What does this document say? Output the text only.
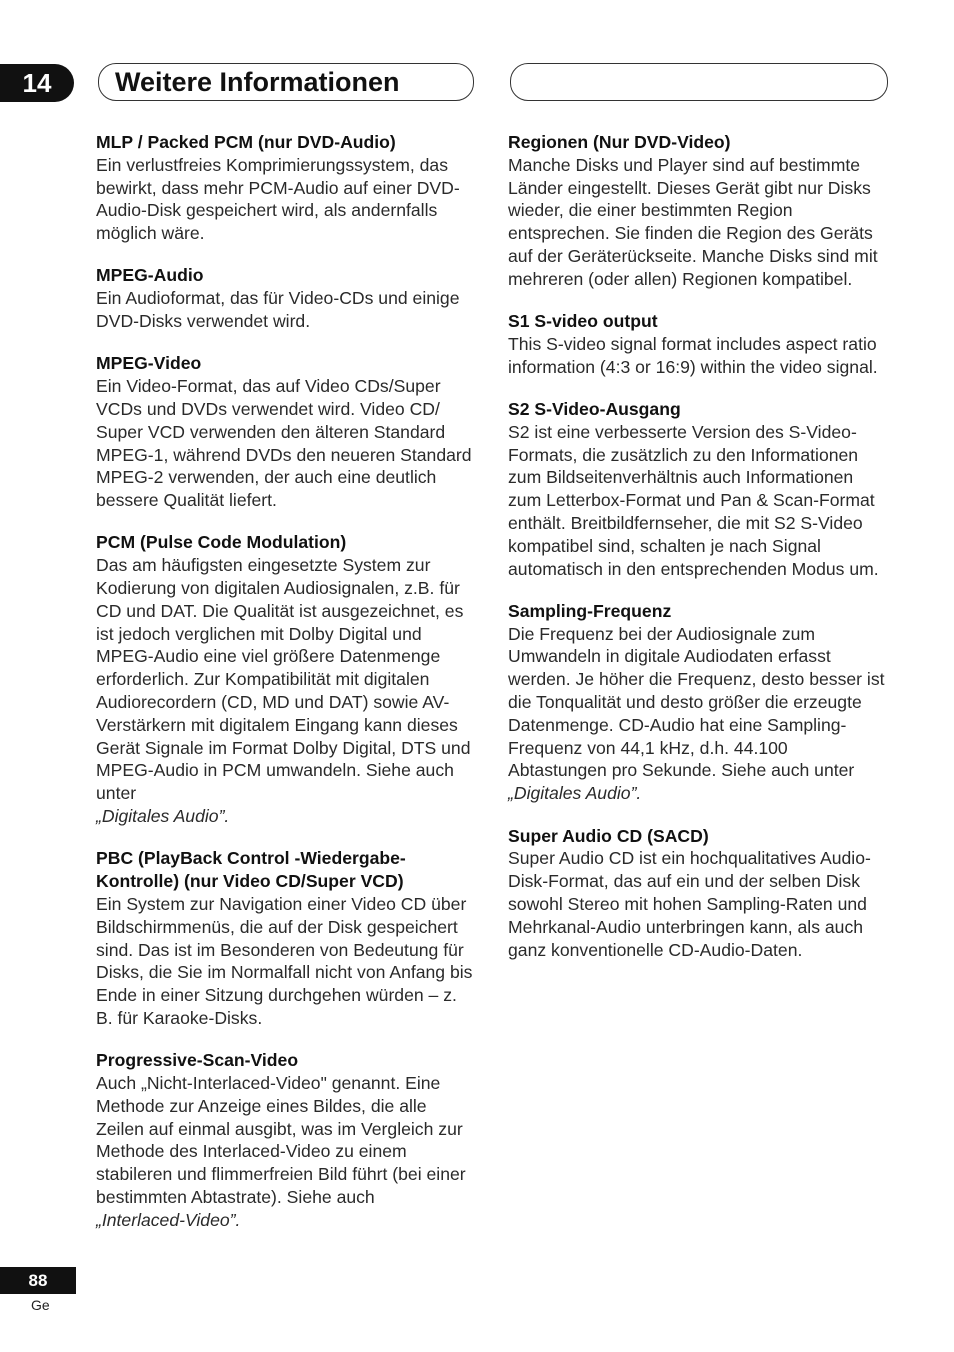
14	Weitere Informationen
MLP / Packed PCM (nur DVD-Audio)
Ein verlustfreies Komprimierungssystem, das bewirkt, dass mehr PCM-Audio auf einer DVD-Audio-Disk gespeichert wird, als andernfalls möglich wäre.
MPEG-Audio
Ein Audioformat, das für Video-CDs und einige DVD-Disks verwendet wird.
MPEG-Video
Ein Video-Format, das auf Video CDs/Super VCDs und DVDs verwendet wird. Video CD/ Super VCD verwenden den älteren Standard MPEG-1, während DVDs den neueren Standard MPEG-2 verwenden, der auch eine deutlich bessere Qualität liefert.
PCM (Pulse Code Modulation)
Das am häufigsten eingesetzte System zur Kodierung von digitalen Audiosignalen, z.B. für CD und DAT. Die Qualität ist ausgezeichnet, es ist jedoch verglichen mit Dolby Digital und MPEG-Audio eine viel größere Datenmenge erforderlich. Zur Kompatibilität mit digitalen Audiorecordern (CD, MD und DAT) sowie AV-Verstärkern mit digitalem Eingang kann dieses Gerät Signale im Format Dolby Digital, DTS und MPEG-Audio in PCM umwandeln. Siehe auch unter
„Digitales Audio”.
PBC (PlayBack Control -Wiedergabe-Kontrolle) (nur Video CD/Super VCD)
Ein System zur Navigation einer Video CD über Bildschirmmenüs, die auf der Disk gespeichert sind. Das ist im Besonderen von Bedeutung für Disks, die Sie im Normalfall nicht von Anfang bis Ende in einer Sitzung durchgehen würden – z. B. für Karaoke-Disks.
Progressive-Scan-Video
Auch „Nicht-Interlaced-Video" genannt. Eine Methode zur Anzeige eines Bildes, die alle Zeilen auf einmal ausgibt, was im Vergleich zur Methode des Interlaced-Video zu einem stabileren und flimmerfreien Bild führt (bei einer bestimmten Abtastrate). Siehe auch
„Interlaced-Video”.
Regionen (Nur DVD-Video)
Manche Disks und Player sind auf bestimmte Länder eingestellt. Dieses Gerät gibt nur Disks wieder, die einer bestimmten Region entsprechen. Sie finden die Region des Geräts auf der Geräterückseite. Manche Disks sind mit mehreren (oder allen) Regionen kompatibel.
S1 S-video output
This S-video signal format includes aspect ratio information (4:3 or 16:9) within the video signal.
S2 S-Video-Ausgang
S2 ist eine verbesserte Version des S-Video-Formats, die zusätzlich zu den Informationen zum Bildseitenverhältnis auch Informationen zum Letterbox-Format und Pan & Scan-Format enthält. Breitbildfernseher, die mit S2 S-Video kompatibel sind, schalten je nach Signal automatisch in den entsprechenden Modus um.
Sampling-Frequenz
Die Frequenz bei der Audiosignale zum Umwandeln in digitale Audiodaten erfasst werden. Je höher die Frequenz, desto besser ist die Tonqualität und desto größer die erzeugte Datenmenge. CD-Audio hat eine Sampling-Frequenz von 44,1 kHz, d.h. 44.100 Abtastungen pro Sekunde. Siehe auch unter
„Digitales Audio”.
Super Audio CD (SACD)
Super Audio CD ist ein hochqualitatives Audio-Disk-Format, das auf ein und der selben Disk sowohl Stereo mit hohen Sampling-Raten und Mehrkanal-Audio unterbringen kann, als auch ganz konventionelle CD-Audio-Daten.
88
Ge
